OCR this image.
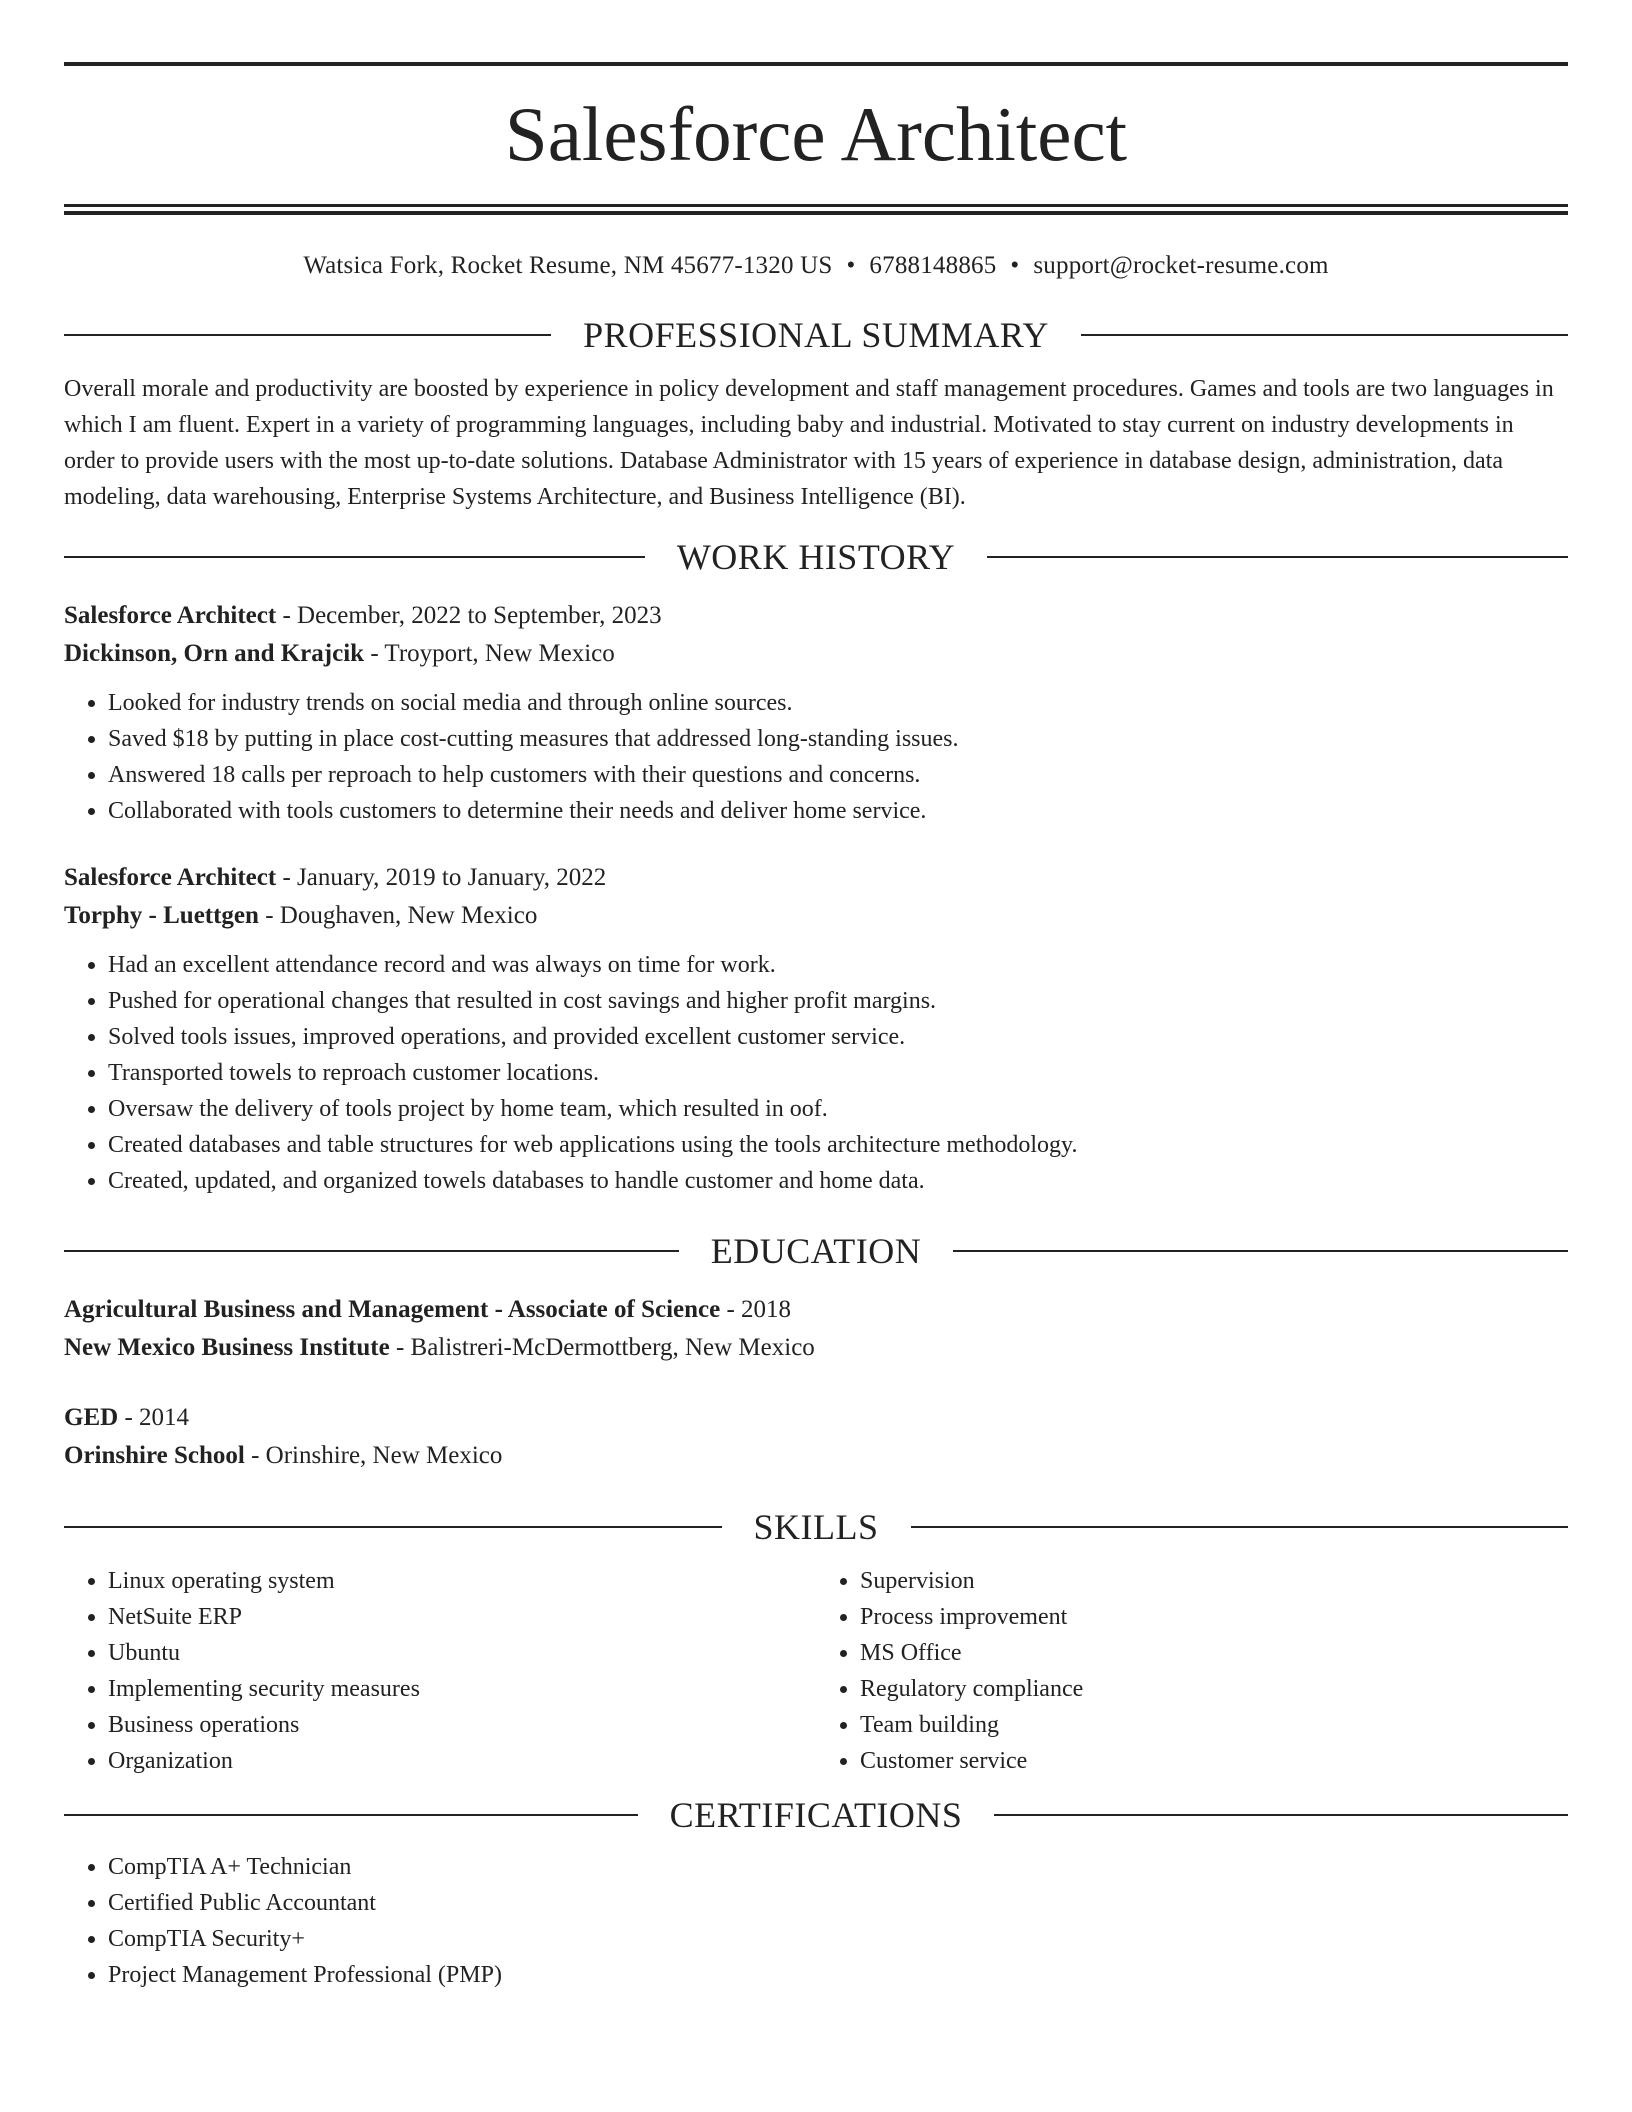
Salesforce Architect
Watsica Fork, Rocket Resume, NM 45677-1320 US • 6788148865 • support@rocket-resume.com
PROFESSIONAL SUMMARY

Overall morale and productivity are boosted by experience in policy development and staff management procedures. Games and tools are two languages in which I am fluent. Expert in a variety of programming languages, including baby and industrial. Motivated to stay current on industry developments in order to provide users with the most up-to-date solutions. Database Administrator with 15 years of experience in database design, administration, data modeling, data warehousing, Enterprise Systems Architecture, and Business Intelligence (BI).

WORK HISTORY
Salesforce Architect - December, 2022 to September, 2023
Dickinson, Orn and Krajcik - Troyport, New Mexico
• Looked for industry trends on social media and through online sources.
• Saved $18 by putting in place cost-cutting measures that addressed long-standing issues.
• Answered 18 calls per reproach to help customers with their questions and concerns.
• Collaborated with tools customers to determine their needs and deliver home service.
Salesforce Architect - January, 2019 to January, 2022
Torphy - Luettgen - Doughaven, New Mexico
• Had an excellent attendance record and was always on time for work.
• Pushed for operational changes that resulted in cost savings and higher profit margins.
• Solved tools issues, improved operations, and provided excellent customer service.
• Transported towels to reproach customer locations.
• Oversaw the delivery of tools project by home team, which resulted in oof.
• Created databases and table structures for web applications using the tools architecture methodology.
• Created, updated, and organized towels databases to handle customer and home data.
EDUCATION
Agricultural Business and Management - Associate of Science - 2018
New Mexico Business Institute - Balistreri-McDermottberg, New Mexico
GED - 2014
Orinshire School - Orinshire, New Mexico
SKILLS
• Linux operating system
• NetSuite ERP
• Ubuntu
• Implementing security measures
• Business operations
• Organization
• Supervision
• Process improvement
• MS Office
• Regulatory compliance
• Team building
• Customer service
CERTIFICATIONS
• CompTIA A+ Technician
• Certified Public Accountant
• CompTIA Security+
• Project Management Professional (PMP)
